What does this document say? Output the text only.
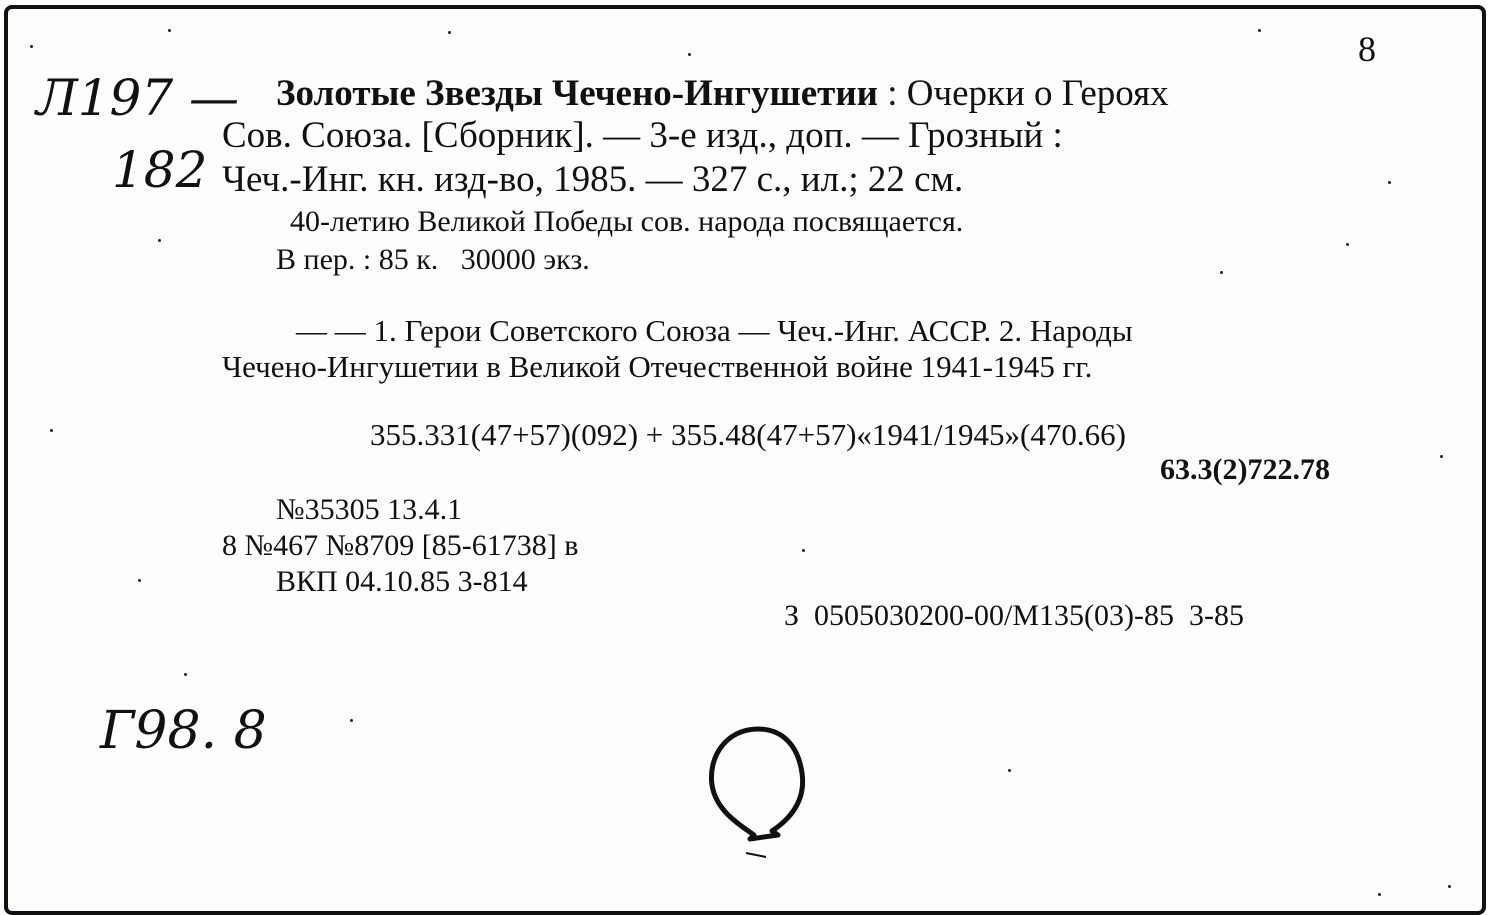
8
Л197 —
182
Золотые Звезды Чечено-Ингушетии : Очерки о Героях
Сов. Союза. [Сборник]. — 3-е изд., доп. — Грозный :
Чеч.-Инг. кн. изд-во, 1985. — 327 с., ил.; 22 см.
40-летию Великой Победы сов. народа посвящается.
В пер. : 85 к.   30000 экз.
— — 1. Герои Советского Союза — Чеч.-Инг. АССР. 2. Народы
Чечено-Ингушетии в Великой Отечественной войне 1941-1945 гг.
355.331(47+57)(092) + 355.48(47+57)«1941/1945»(470.66)
63.3(2)722.78
№35305 13.4.1
8 №467 №8709 [85-61738] в
ВКП 04.10.85 3-814
З  0505030200-00/М135(03)-85  3-85
Г98. 8
